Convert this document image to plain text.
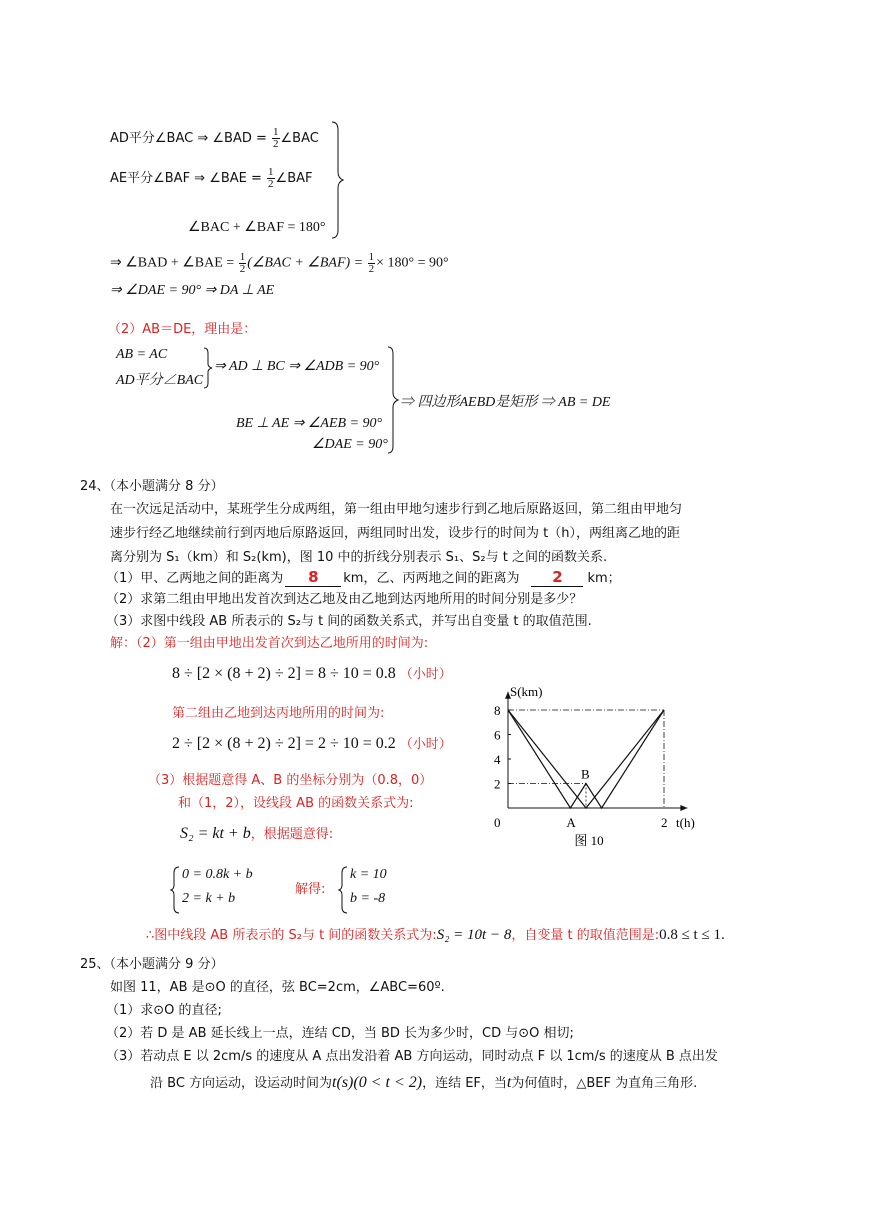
AD平分∠BAC ⇒ ∠BAD = $\frac{1}{2}$ ∠BAC
AE平分∠BAF ⇒ ∠BAE = $\frac{1}{2}$ ∠BAF
∠BAC + ∠BAF = 180°
⇒ ∠BAD + ∠BAE = $\frac{1}{2}$ (∠BAC + ∠BAF) = $\frac{1}{2} \times 180^\circ = 90^\circ$
⇒ ∠DAE = 90° ⇒ DA ⊥ AE
（2）AB＝DE，理由是：
AB = AC
AD平分∠BAC
⇒ AD ⊥ BC ⇒ ∠ADB = 90°
BE ⊥ AE ⇒ ∠AEB = 90°
∠DAE = 90°
⇒ 四边形AEBD是矩形 ⇒ AB = DE
24、（本小题满分 8 分）
在一次远足活动中，某班学生分成两组，第一组由甲地匀速步行到乙地后原路返回，第二组由甲地匀
速步行经乙地继续前行到丙地后原路返回，两组同时出发，设步行的时间为 t（h），两组离乙地的距
离分别为 S₁（km）和 S₂(km)，图 10 中的折线分别表示 S₁、S₂与 t 之间的函数关系.
（1）甲、乙两地之间的距离为 8 km，乙、丙两地之间的距离为 2 km；
（2）求第二组由甲地出发首次到达乙地及由乙地到达丙地所用的时间分别是多少？
（3）求图中线段 AB 所表示的 S₂与 t 间的函数关系式，并写出自变量 t 的取值范围.
解：（2）第一组由甲地出发首次到达乙地所用的时间为:
8 ÷ [2 × (8 + 2) ÷ 2] = 8 ÷ 10 = 0.8 （小时）
第二组由乙地到达丙地所用的时间为:
2 ÷ [2 × (8 + 2) ÷ 2] = 2 ÷ 10 = 0.2 （小时）
（3）根据题意得 A、B 的坐标分别为（0.8，0）
和（1，2），设线段 AB 的函数关系式为:
S₂ = kt + b，根据题意得:
0 = 0.8k + b
2 = k + b
解得:
k = 10
b = -8
∴图中线段 AB 所表示的 S₂与 t 间的函数关系式为:S₂ = 10t − 8，自变量 t 的取值范围是:0.8 ≤ t ≤ 1.
2
4
6
8
0	A	2
B
S(km)
t(h)
图 10
25、（本小题满分 9 分）
如图 11，AB 是⊙O 的直径，弦 BC=2cm，∠ABC=60º.
（1）求⊙O 的直径;
（2）若 D 是 AB 延长线上一点，连结 CD，当 BD 长为多少时，CD 与⊙O 相切;
（3）若动点 E 以 2cm/s 的速度从 A 点出发沿着 AB 方向运动，同时动点 F 以 1cm/s 的速度从 B 点出发
沿 BC 方向运动，设运动时间为t(s)(0 < t < 2)，连结 EF，当t为何值时，△BEF 为直角三角形.
